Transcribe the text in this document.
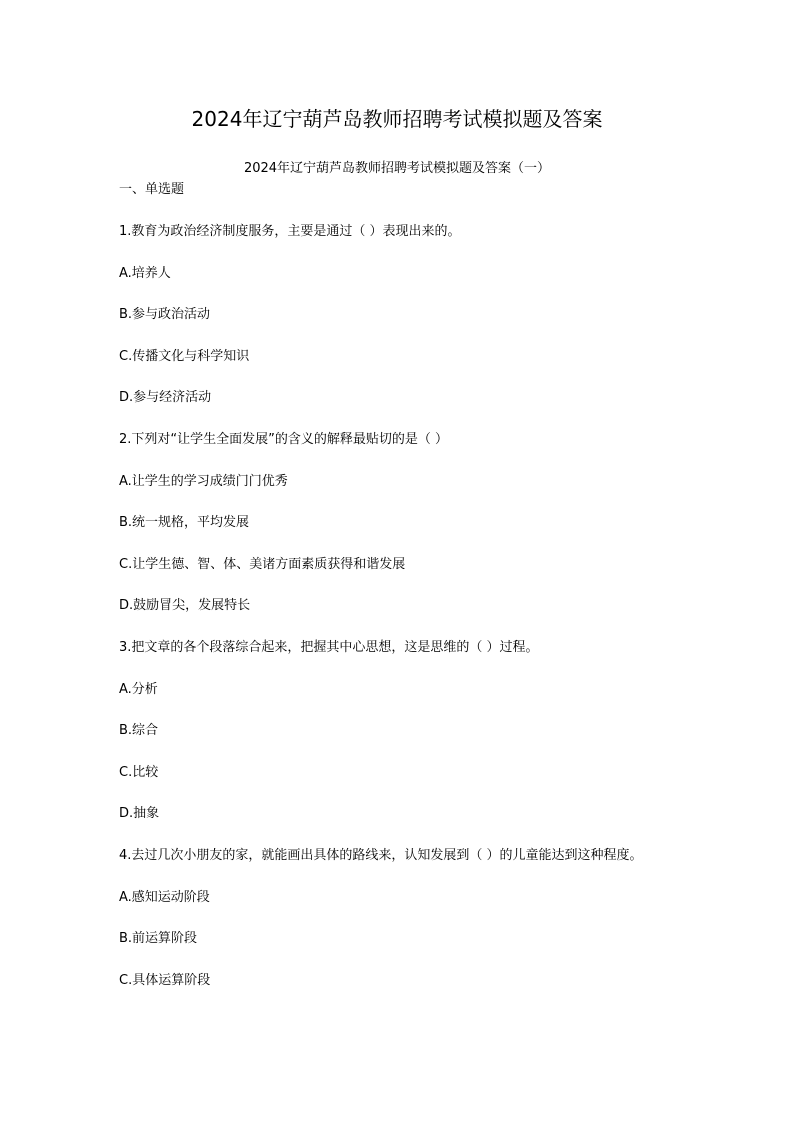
2024年辽宁葫芦岛教师招聘考试模拟题及答案
2024年辽宁葫芦岛教师招聘考试模拟题及答案（一）
一、单选题

1.教育为政治经济制度服务，主要是通过（ ）表现出来的。

A.培养人

B.参与政治活动

C.传播文化与科学知识

D.参与经济活动

2.下列对“让学生全面发展”的含义的解释最贴切的是（ ）

A.让学生的学习成绩门门优秀

B.统一规格，平均发展

C.让学生德、智、体、美诸方面素质获得和谐发展

D.鼓励冒尖，发展特长

3.把文章的各个段落综合起来，把握其中心思想，这是思维的（ ）过程。

A.分析

B.综合

C.比较

D.抽象

4.去过几次小朋友的家，就能画出具体的路线来，认知发展到（ ）的儿童能达到这种程度。

A.感知运动阶段

B.前运算阶段

C.具体运算阶段
